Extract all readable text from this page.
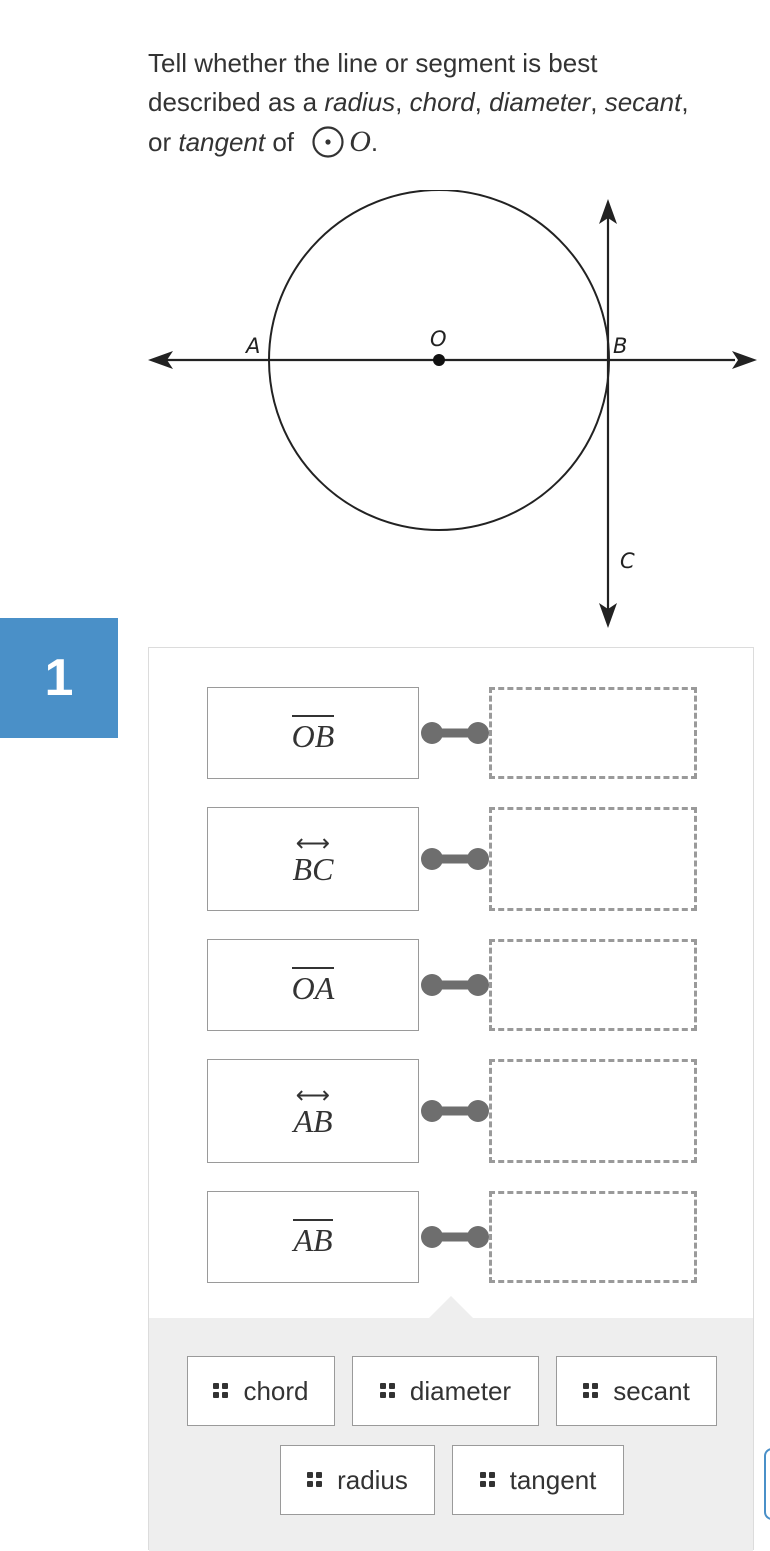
1
Tell whether the line or segment is best
described as a radius, chord, diameter, secant,
or tangent of O.
A	O	B
C
OB
⟷
BC
OA
⟷
AB
AB
chord	diameter	secant
radius	tangent
